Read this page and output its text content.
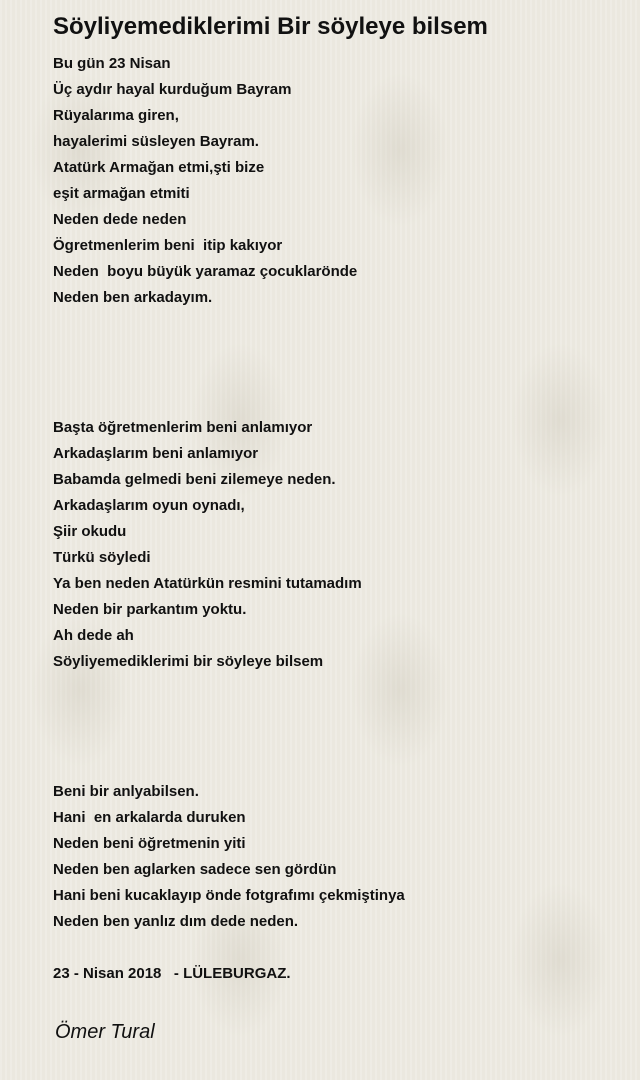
Söyliyemediklerimi Bir söyleye bilsem
Bu gün 23 Nisan
Üç aydır hayal kurduğum Bayram
Rüyalarıma giren,
hayalerimi süsleyen Bayram.
Atatürk Armağan etmi,şti bize
eşit armağan etmiti
Neden dede neden
Ögretmenlerim beni  itip kakıyor
Neden  boyu büyük yaramaz çocuklarönde
Neden ben arkadayım.
Başta öğretmenlerim beni anlamıyor
Arkadaşlarım beni anlamıyor
Babamda gelmedi beni zilemeye neden.
Arkadaşlarım oyun oynadı,
Şiir okudu
Türkü söyledi
Ya ben neden Atatürkün resmini tutamadım
Neden bir parkantım yoktu.
Ah dede ah
Söyliyemediklerimi bir söyleye bilsem
Beni bir anlyabilsen.
Hani  en arkalarda duruken
Neden beni öğretmenin yiti
Neden ben aglarken sadece sen gördün
Hani beni kucaklayıp önde fotgrafımı çekmiştinya
Neden ben yanlız dım dede neden.
23 - Nisan 2018   - LÜLEBURGAZ.
Ömer Tural
